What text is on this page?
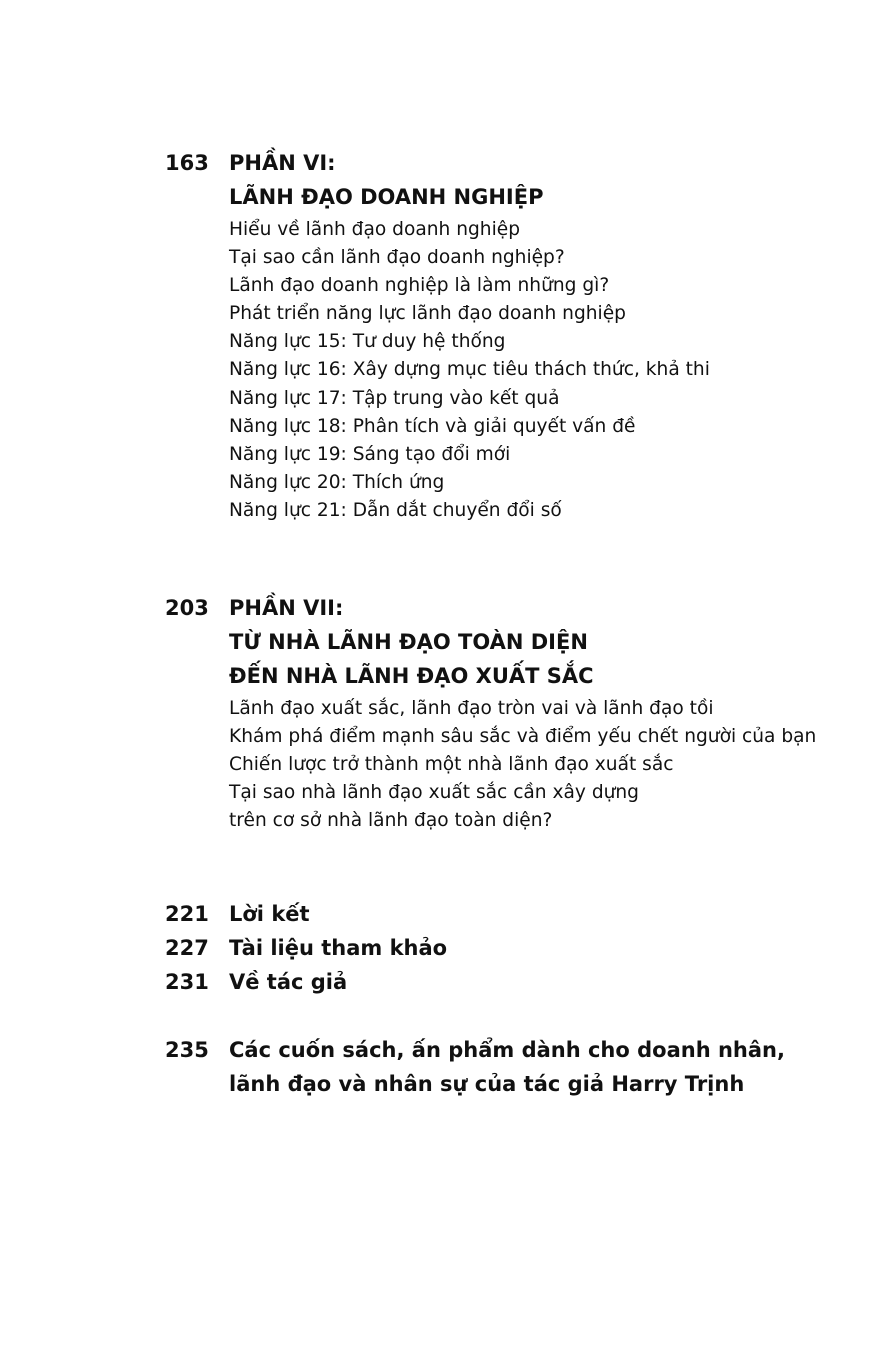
163 PHẦN VI:
LÃNH ĐẠO DOANH NGHIỆP
Hiểu về lãnh đạo doanh nghiệp
Tại sao cần lãnh đạo doanh nghiệp?
Lãnh đạo doanh nghiệp là làm những gì?
Phát triển năng lực lãnh đạo doanh nghiệp
Năng lực 15: Tư duy hệ thống
Năng lực 16: Xây dựng mục tiêu thách thức, khả thi
Năng lực 17: Tập trung vào kết quả
Năng lực 18: Phân tích và giải quyết vấn đề
Năng lực 19: Sáng tạo đổi mới
Năng lực 20: Thích ứng
Năng lực 21: Dẫn dắt chuyển đổi số
203 PHẦN VII:
TỪ NHÀ LÃNH ĐẠO TOÀN DIỆN
ĐẾN NHÀ LÃNH ĐẠO XUẤT SẮC
Lãnh đạo xuất sắc, lãnh đạo tròn vai và lãnh đạo tồi
Khám phá điểm mạnh sâu sắc và điểm yếu chết người của bạn
Chiến lược trở thành một nhà lãnh đạo xuất sắc
Tại sao nhà lãnh đạo xuất sắc cần xây dựng
trên cơ sở nhà lãnh đạo toàn diện?
221 Lời kết
227 Tài liệu tham khảo
231 Về tác giả
235 Các cuốn sách, ấn phẩm dành cho doanh nhân,
lãnh đạo và nhân sự của tác giả Harry Trịnh
